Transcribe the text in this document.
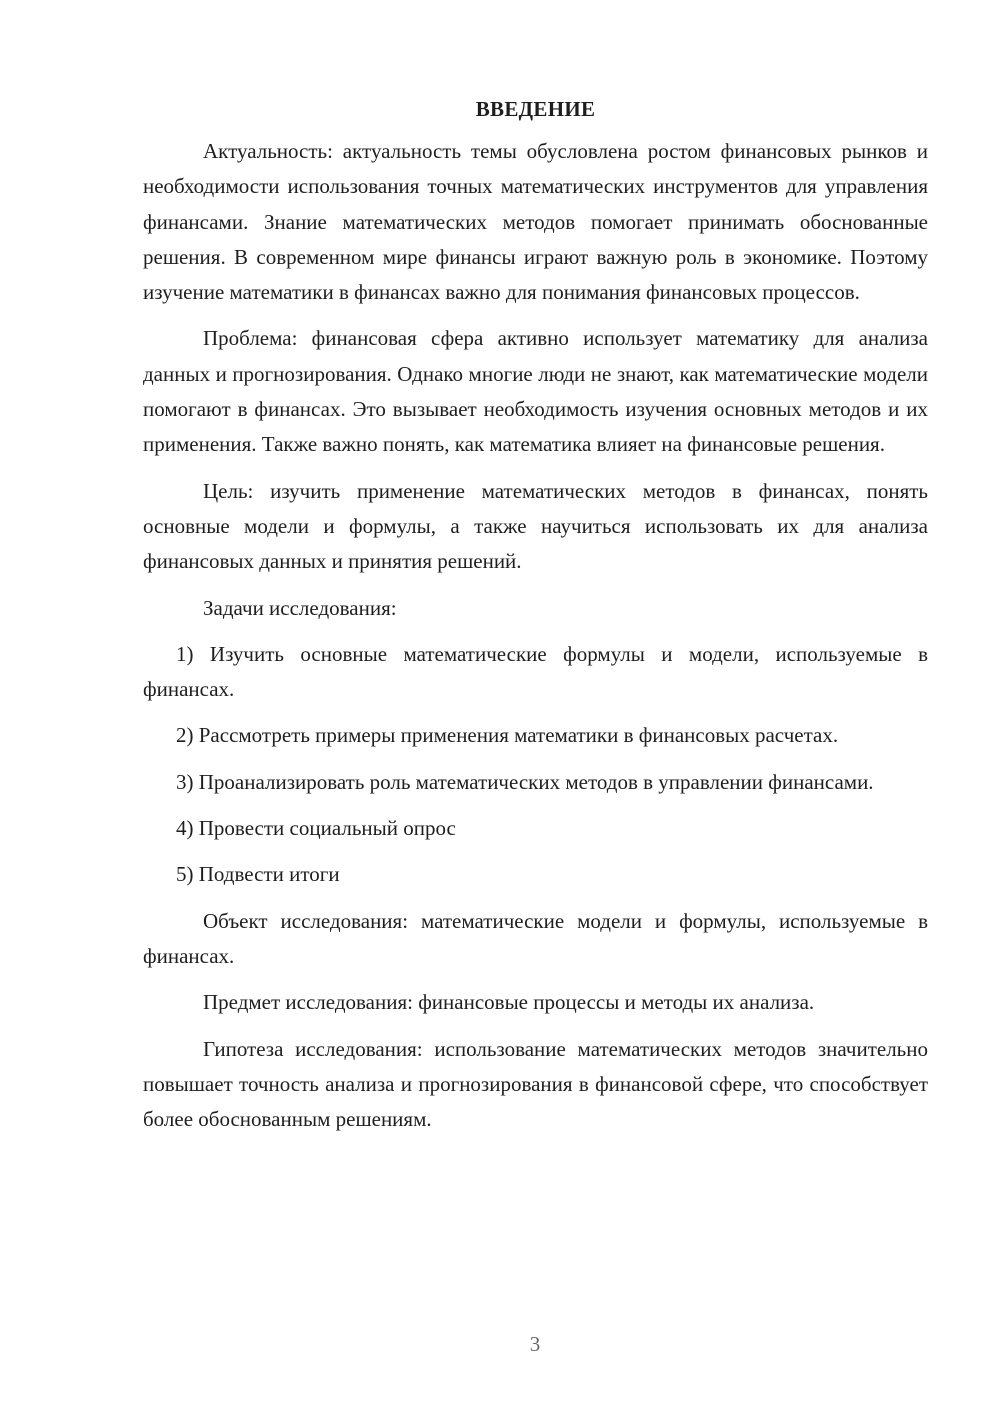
ВВЕДЕНИЕ

Актуальность: актуальность темы обусловлена ростом финансовых рынков и необходимости использования точных математических инструментов для управления финансами. Знание математических методов помогает принимать обоснованные решения. В современном мире финансы играют важную роль в экономике. Поэтому изучение математики в финансах важно для понимания финансовых процессов.

Проблема: финансовая сфера активно использует математику для анализа данных и прогнозирования. Однако многие люди не знают, как математические модели помогают в финансах. Это вызывает необходимость изучения основных методов и их применения. Также важно понять, как математика влияет на финансовые решения.

Цель: изучить применение математических методов в финансах, понять основные модели и формулы, а также научиться использовать их для анализа финансовых данных и принятия решений.

Задачи исследования:

1) Изучить основные математические формулы и модели, используемые в финансах.

2) Рассмотреть примеры применения математики в финансовых расчетах.

3) Проанализировать роль математических методов в управлении финансами.

4) Провести социальный опрос

5) Подвести итоги

Объект исследования: математические модели и формулы, используемые в финансах.

Предмет исследования: финансовые процессы и методы их анализа.

Гипотеза исследования: использование математических методов значительно повышает точность анализа и прогнозирования в финансовой сфере, что способствует более обоснованным решениям.

3
